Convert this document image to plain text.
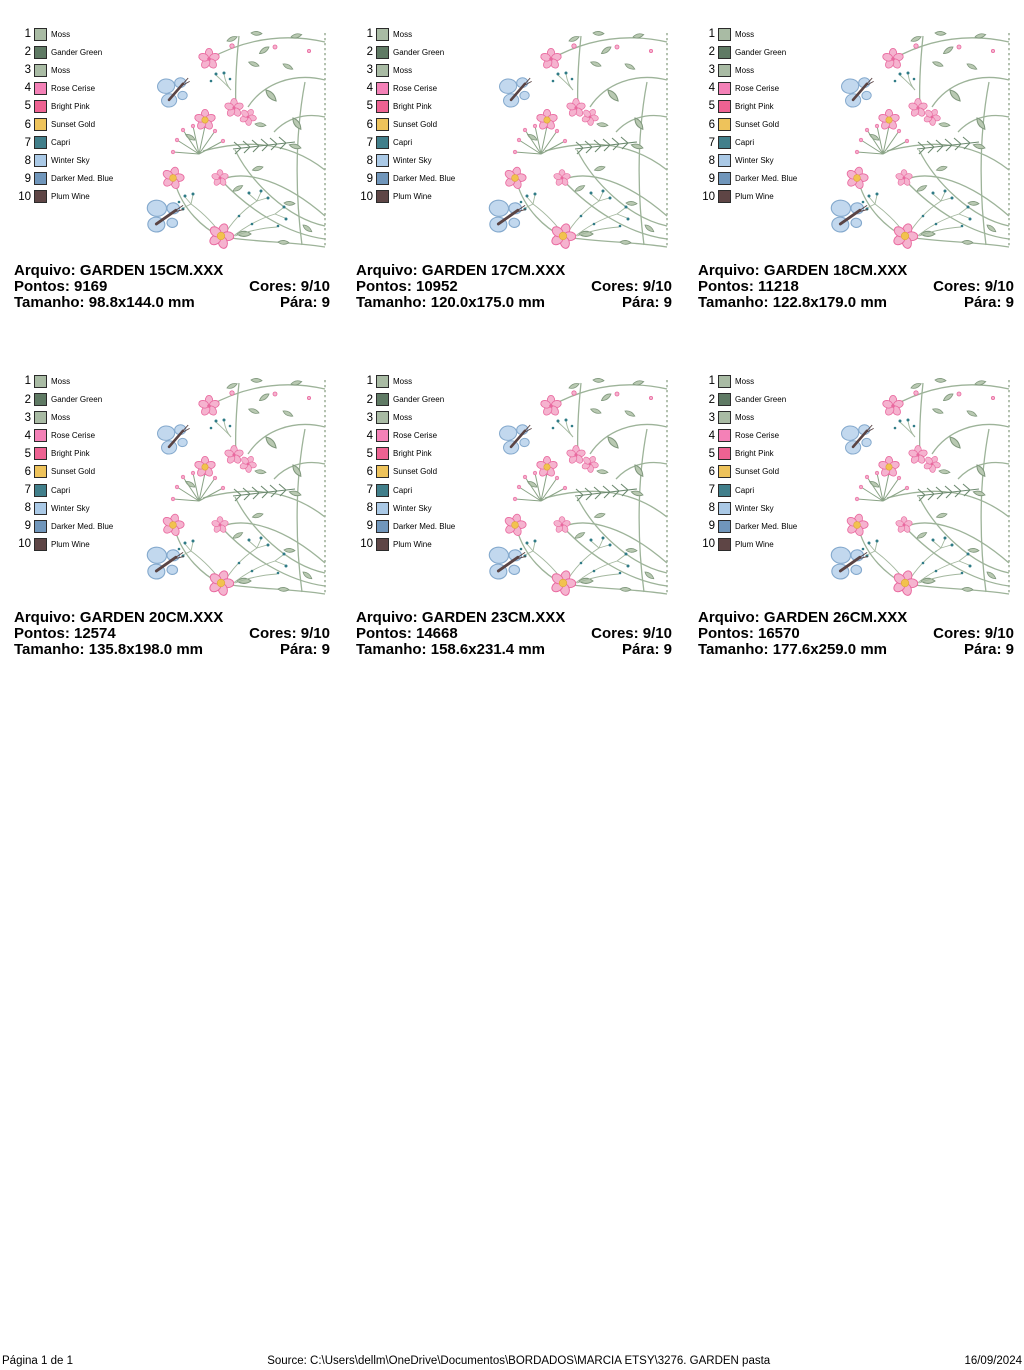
1	Moss
2	Gander Green
3	Moss
4	Rose Cerise
5	Bright Pink
6	Sunset Gold
7	Capri
8	Winter Sky
9	Darker Med. Blue
10	Plum Wine
Arquivo: GARDEN 15CM.XXX
Pontos: 9169	Cores: 9/10
Tamanho: 98.8x144.0 mm	Pára: 9
1	Moss
2	Gander Green
3	Moss
4	Rose Cerise
5	Bright Pink
6	Sunset Gold
7	Capri
8	Winter Sky
9	Darker Med. Blue
10	Plum Wine
Arquivo: GARDEN 17CM.XXX
Pontos: 10952	Cores: 9/10
Tamanho: 120.0x175.0 mm	Pára: 9
1	Moss
2	Gander Green
3	Moss
4	Rose Cerise
5	Bright Pink
6	Sunset Gold
7	Capri
8	Winter Sky
9	Darker Med. Blue
10	Plum Wine
Arquivo: GARDEN 18CM.XXX
Pontos: 11218	Cores: 9/10
Tamanho: 122.8x179.0 mm	Pára: 9
1	Moss
2	Gander Green
3	Moss
4	Rose Cerise
5	Bright Pink
6	Sunset Gold
7	Capri
8	Winter Sky
9	Darker Med. Blue
10	Plum Wine
Arquivo: GARDEN 20CM.XXX
Pontos: 12574	Cores: 9/10
Tamanho: 135.8x198.0 mm	Pára: 9
1	Moss
2	Gander Green
3	Moss
4	Rose Cerise
5	Bright Pink
6	Sunset Gold
7	Capri
8	Winter Sky
9	Darker Med. Blue
10	Plum Wine
Arquivo: GARDEN 23CM.XXX
Pontos: 14668	Cores: 9/10
Tamanho: 158.6x231.4 mm	Pára: 9
1	Moss
2	Gander Green
3	Moss
4	Rose Cerise
5	Bright Pink
6	Sunset Gold
7	Capri
8	Winter Sky
9	Darker Med. Blue
10	Plum Wine
Arquivo: GARDEN 26CM.XXX
Pontos: 16570	Cores: 9/10
Tamanho: 177.6x259.0 mm	Pára: 9
Página 1 de 1	Source: C:\Users\dellm\OneDrive\Documentos\BORDADOS\MARCIA ETSY\3276. GARDEN pasta	16/09/2024
